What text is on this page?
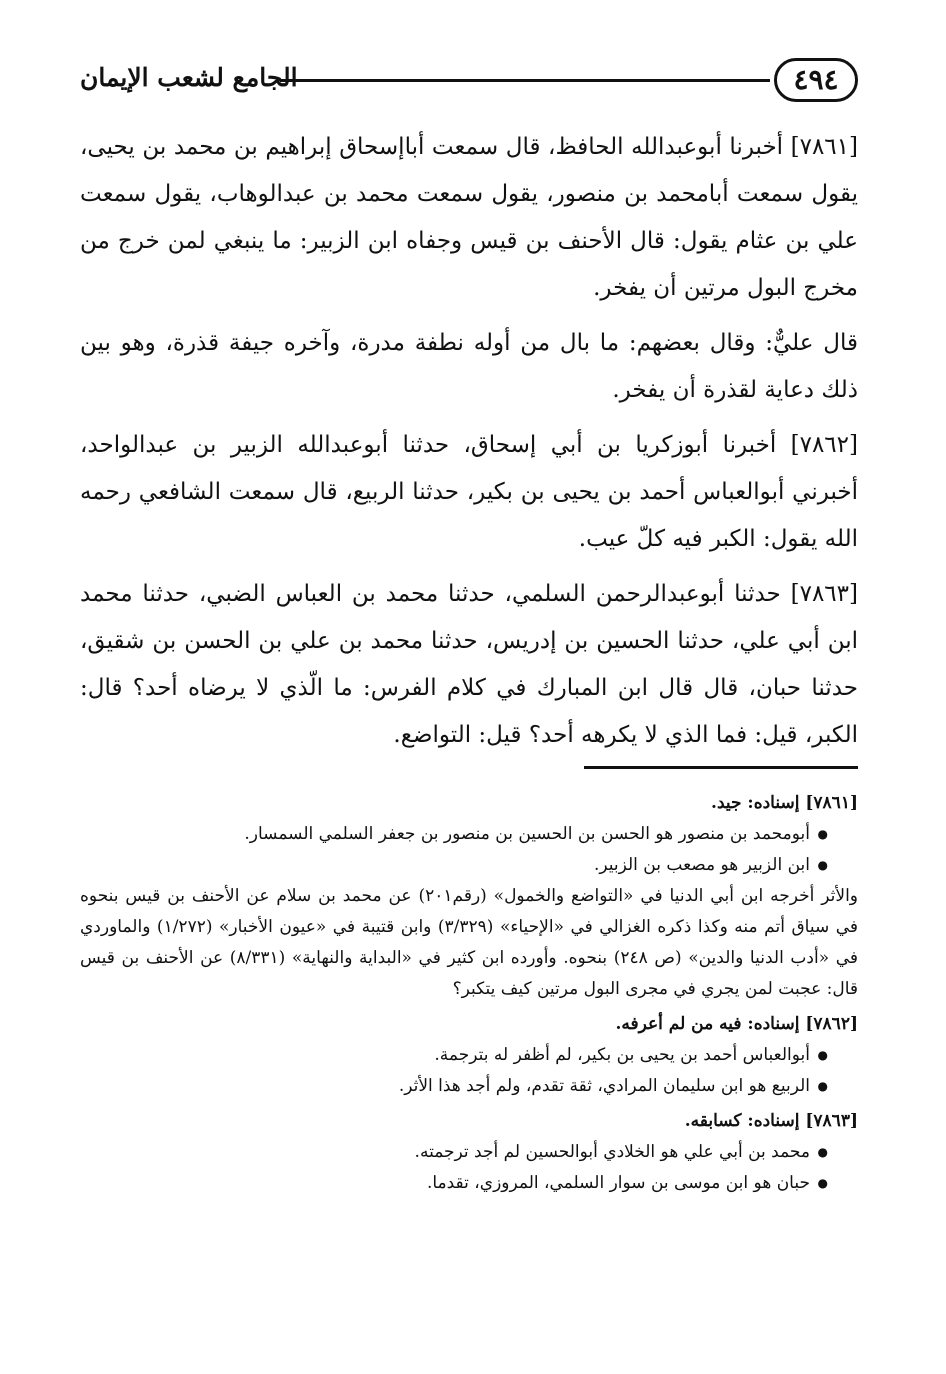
٤٩٤
الجامع لشعب الإيمان

[٧٨٦١] أخبرنا أبوعبدالله الحافظ، قال سمعت أباإسحاق إبراهيم بن محمد بن يحيى، يقول سمعت أبامحمد بن منصور، يقول سمعت محمد بن عبدالوهاب، يقول سمعت علي بن عثام يقول: قال الأحنف بن قيس وجفاه ابن الزبير: ما ينبغي لمن خرج من مخرج البول مرتين أن يفخر.

قال عليٌّ: وقال بعضهم: ما بال من أوله نطفة مدرة، وآخره جيفة قذرة، وهو بين ذلك دعاية لقذرة أن يفخر.

[٧٨٦٢] أخبرنا أبوزكريا بن أبي إسحاق، حدثنا أبوعبدالله الزبير بن عبدالواحد، أخبرني أبوالعباس أحمد بن يحيى بن بكير، حدثنا الربيع، قال سمعت الشافعي رحمه الله يقول: الكبر فيه كلّ عيب.

[٧٨٦٣] حدثنا أبوعبدالرحمن السلمي، حدثنا محمد بن العباس الضبي، حدثنا محمد ابن أبي علي، حدثنا الحسين بن إدريس، حدثنا محمد بن علي بن الحسن بن شقيق، حدثنا حبان، قال قال ابن المبارك في كلام الفرس: ما الّذي لا يرضاه أحد؟ قال: الكبر، قيل: فما الذي لا يكرهه أحد؟ قيل: التواضع.

[٧٨٦١] إسناده: جيد.

● أبومحمد بن منصور هو الحسن بن الحسين بن منصور بن جعفر السلمي السمسار.
● ابن الزبير هو مصعب بن الزبير.

والأثر أخرجه ابن أبي الدنيا في «التواضع والخمول» (رقم٢٠١) عن محمد بن سلام عن الأحنف بن قيس بنحوه في سياق أتم منه وكذا ذكره الغزالي في «الإحياء» (٣/٣٢٩) وابن قتيبة في «عيون الأخبار» (١/٢٧٢) والماوردي في «أدب الدنيا والدين» (ص ٢٤٨) بنحوه. وأورده ابن كثير في «البداية والنهاية» (٨/٣٣١) عن الأحنف بن قيس قال: عجبت لمن يجري في مجرى البول مرتين كيف يتكبر؟

[٧٨٦٢] إسناده: فيه من لم أعرفه.

● أبوالعباس أحمد بن يحيى بن بكير، لم أظفر له بترجمة.
● الربيع هو ابن سليمان المرادي، ثقة تقدم، ولم أجد هذا الأثر.

[٧٨٦٣] إسناده: كسابقه.

● محمد بن أبي علي هو الخلادي أبوالحسين لم أجد ترجمته.
● حبان هو ابن موسى بن سوار السلمي، المروزي، تقدما.
